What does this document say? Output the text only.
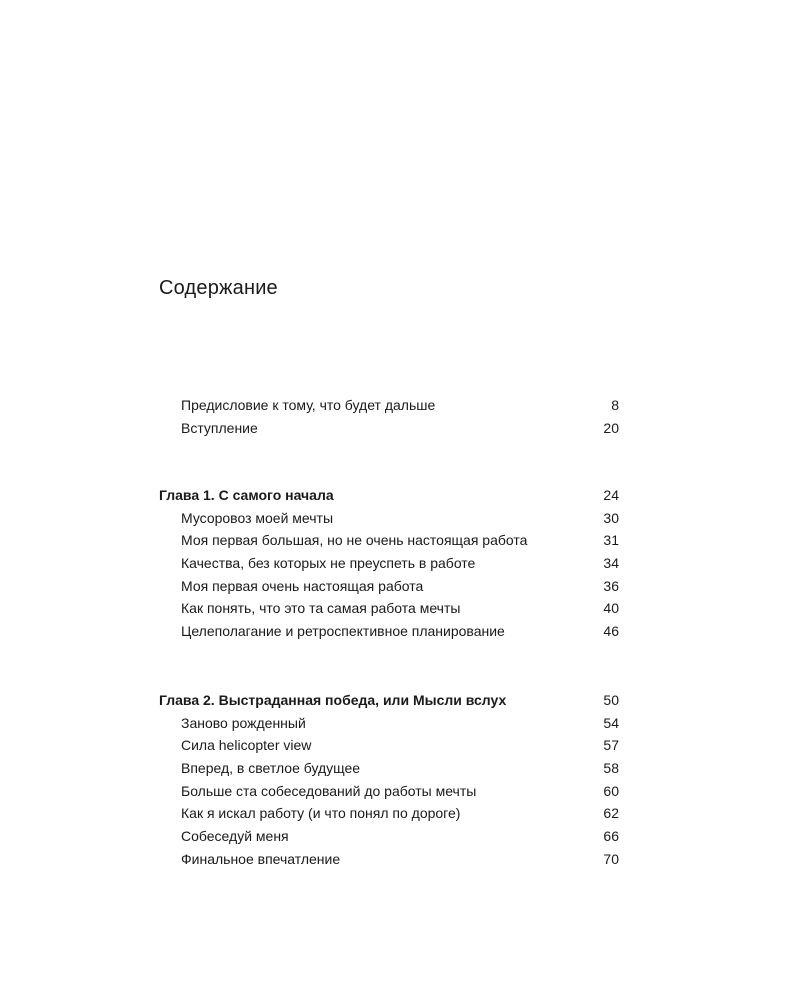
Содержание
Предисловие к тому, что будет дальше	8
Вступление	20
Глава 1. С самого начала	24
Мусоровоз моей мечты	30
Моя первая большая, но не очень настоящая работа	31
Качества, без которых не преуспеть в работе	34
Моя первая очень настоящая работа	36
Как понять, что это та самая работа мечты	40
Целеполагание и ретроспективное планирование	46
Глава 2. Выстраданная победа, или Мысли вслух	50
Заново рожденный	54
Сила helicopter view	57
Вперед, в светлое будущее	58
Больше ста собеседований до работы мечты	60
Как я искал работу (и что понял по дороге)	62
Собеседуй меня	66
Финальное впечатление	70
